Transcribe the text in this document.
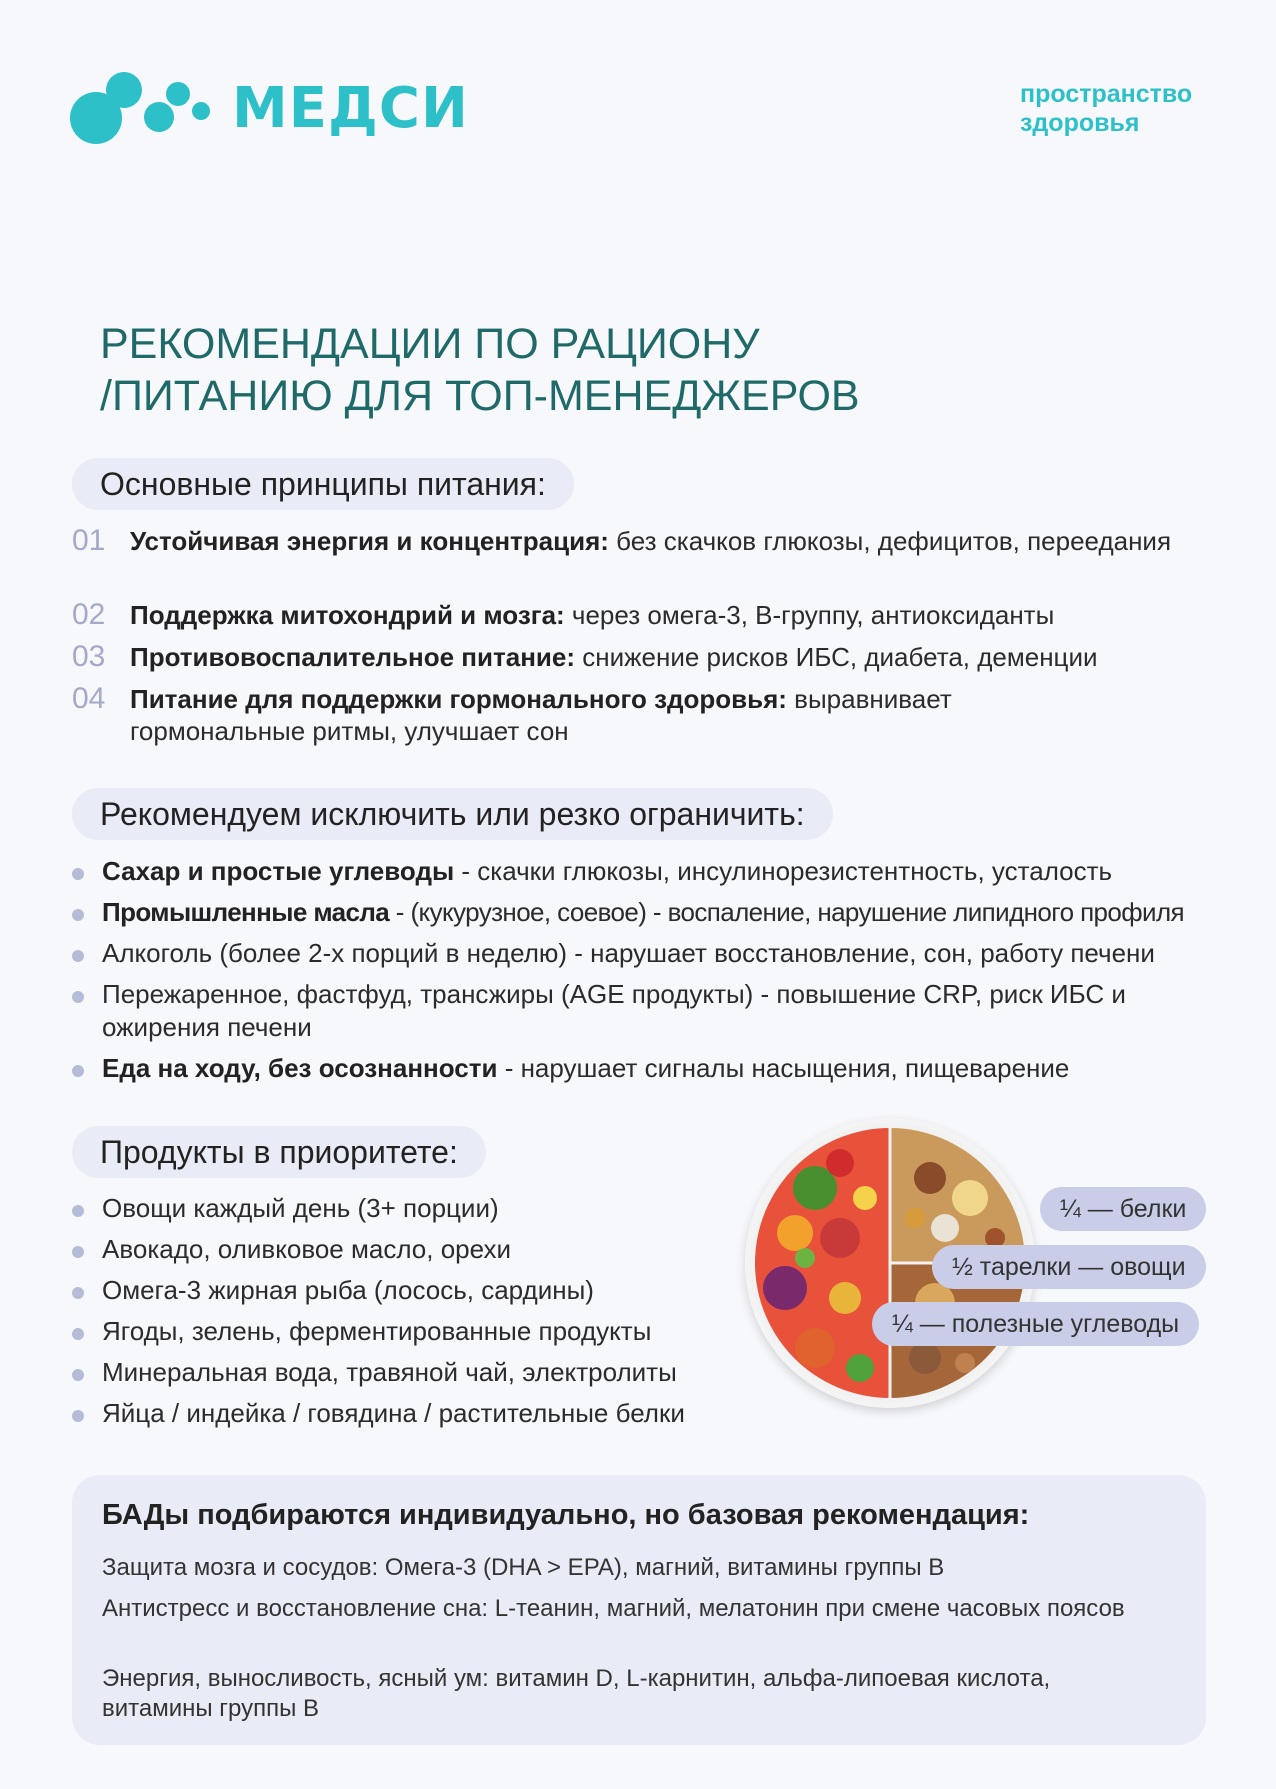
МЕДСИ	пространство
здоровья
РЕКОМЕНДАЦИИ ПО РАЦИОНУ
/ПИТАНИЮ ДЛЯ ТОП-МЕНЕДЖЕРОВ
Основные принципы питания:
01 Устойчивая энергия и концентрация: без скачков глюкозы, дефицитов, переедания
02 Поддержка митохондрий и мозга: через омега-3, В-группу, антиоксиданты
03 Противовоспалительное питание: снижение рисков ИБС, диабета, деменции
04 Питание для поддержки гормонального здоровья: выравнивает гормональные ритмы, улучшает сон
Рекомендуем исключить или резко ограничить:
Сахар и простые углеводы - скачки глюкозы, инсулинорезистентность, усталость
Промышленные масла - (кукурузное, соевое) - воспаление, нарушение липидного профиля
Алкоголь (более 2-х порций в неделю) - нарушает восстановление, сон, работу печени
Пережаренное, фастфуд, трансжиры (AGE продукты) - повышение CRP, риск ИБС и ожирения печени
Еда на ходу, без осознанности - нарушает сигналы насыщения, пищеварение
Продукты в приоритете:
Овощи каждый день (3+ порции)
Авокадо, оливковое масло, орехи
Омега-3 жирная рыба (лосось, сардины)
Ягоды, зелень, ферментированные продукты
Минеральная вода, травяной чай, электролиты
Яйца / индейка / говядина / растительные белки
¼ — белки
½ тарелки — овощи
¼ — полезные углеводы
БАДы подбираются индивидуально, но базовая рекомендация:
Защита мозга и сосудов: Омега-3 (DHA > EPA), магний, витамины группы В
Антистресс и восстановление сна: L-теанин, магний, мелатонин при смене часовых поясов
Энергия, выносливость, ясный ум: витамин D, L-карнитин, альфа-липоевая кислота, витамины группы В
